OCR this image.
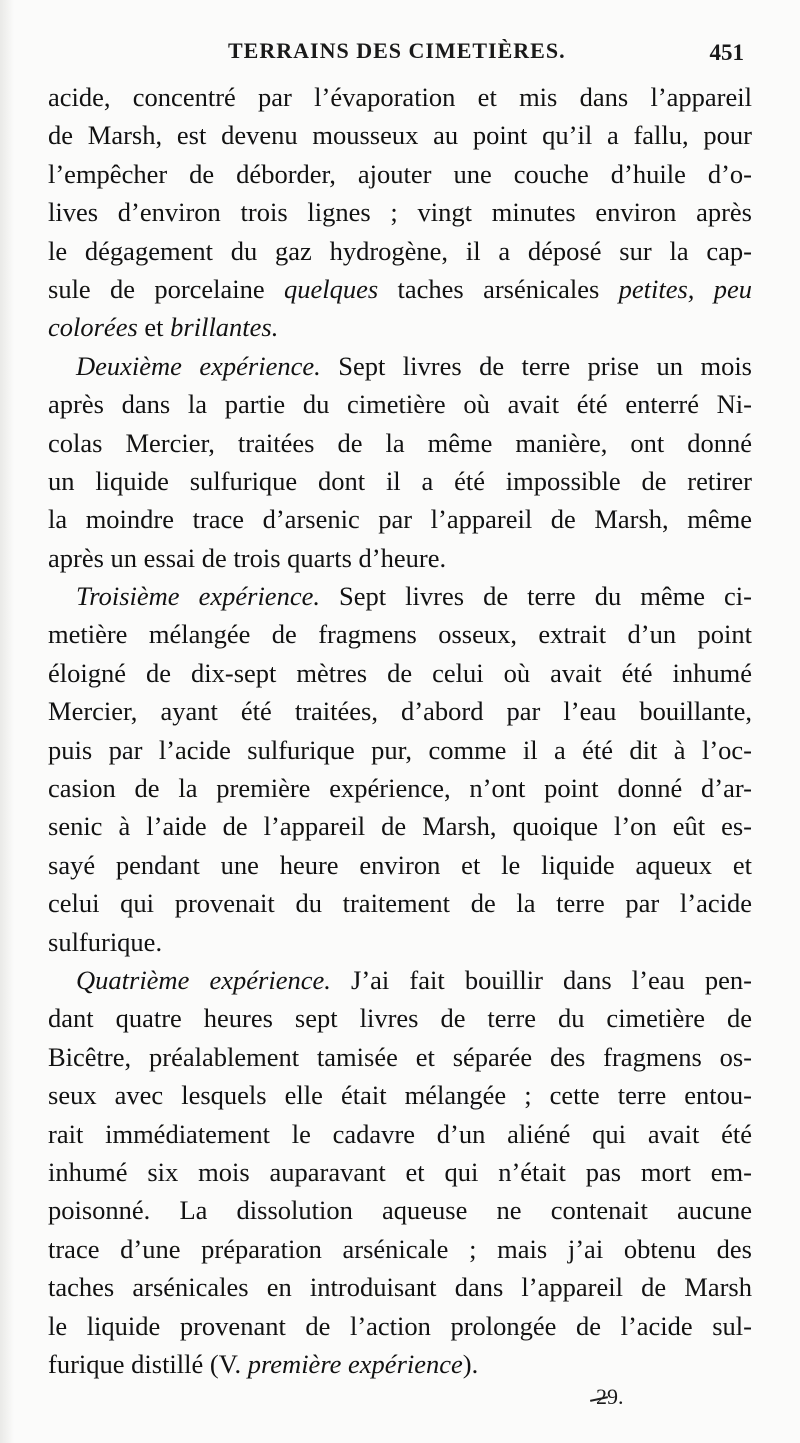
TERRAINS DES CIMETIÈRES.	451
acide, concentré par l’évaporation et mis dans l’appareil
de Marsh, est devenu mousseux au point qu’il a fallu, pour
l’empêcher de déborder, ajouter une couche d’huile d’o-
lives d’environ trois lignes ; vingt minutes environ après
le dégagement du gaz hydrogène, il a déposé sur la cap-
sule de porcelaine quelques taches arsénicales petites, peu
colorées et brillantes.
Deuxième expérience. Sept livres de terre prise un mois
après dans la partie du cimetière où avait été enterré Ni-
colas Mercier, traitées de la même manière, ont donné
un liquide sulfurique dont il a été impossible de retirer
la moindre trace d’arsenic par l’appareil de Marsh, même
après un essai de trois quarts d’heure.
Troisième expérience. Sept livres de terre du même ci-
metière mélangée de fragmens osseux, extrait d’un point
éloigné de dix-sept mètres de celui où avait été inhumé
Mercier, ayant été traitées, d’abord par l’eau bouillante,
puis par l’acide sulfurique pur, comme il a été dit à l’oc-
casion de la première expérience, n’ont point donné d’ar-
senic à l’aide de l’appareil de Marsh, quoique l’on eût es-
sayé pendant une heure environ et le liquide aqueux et
celui qui provenait du traitement de la terre par l’acide
sulfurique.
Quatrième expérience. J’ai fait bouillir dans l’eau pen-
dant quatre heures sept livres de terre du cimetière de
Bicêtre, préalablement tamisée et séparée des fragmens os-
seux avec lesquels elle était mélangée ; cette terre entou-
rait immédiatement le cadavre d’un aliéné qui avait été
inhumé six mois auparavant et qui n’était pas mort em-
poisonné. La dissolution aqueuse ne contenait aucune
trace d’une préparation arsénicale ; mais j’ai obtenu des
taches arsénicales en introduisant dans l’appareil de Marsh
le liquide provenant de l’action prolongée de l’acide sul-
furique distillé (V. première expérience).
29.
